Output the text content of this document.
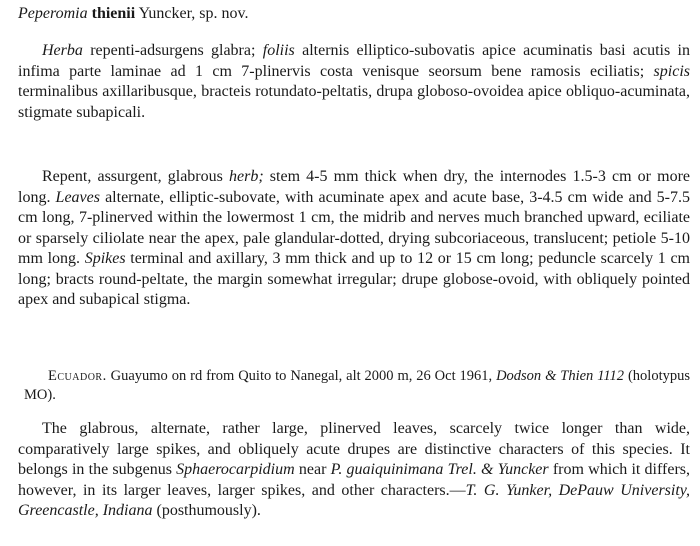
Peperomia thienii Yuncker, sp. nov.
Herba repenti-adsurgens glabra; foliis alternis elliptico-subovatis apice acuminatis basi acutis in infima parte laminae ad 1 cm 7-plinervis costa venisque seorsum bene ramosis eciliatis; spicis terminalibus axillaribusque, bracteis rotundato-peltatis, drupa globoso-ovoidea apice obliquo-acuminata, stigmate subapicali.
Repent, assurgent, glabrous herb; stem 4-5 mm thick when dry, the internodes 1.5-3 cm or more long. Leaves alternate, elliptic-subovate, with acuminate apex and acute base, 3-4.5 cm wide and 5-7.5 cm long, 7-plinerved within the lowermost 1 cm, the midrib and nerves much branched upward, eciliate or sparsely ciliolate near the apex, pale glandular-dotted, drying subcoriaceous, translucent; petiole 5-10 mm long. Spikes terminal and axillary, 3 mm thick and up to 12 or 15 cm long; peduncle scarcely 1 cm long; bracts round-peltate, the margin somewhat irregular; drupe globose-ovoid, with obliquely pointed apex and subapical stigma.
Ecuador. Guayumo on rd from Quito to Nanegal, alt 2000 m, 26 Oct 1961, Dodson & Thien 1112 (holotypus MO).
The glabrous, alternate, rather large, plinerved leaves, scarcely twice longer than wide, comparatively large spikes, and obliquely acute drupes are distinctive characters of this species. It belongs in the subgenus Sphaerocarpidium near P. guaiquinimana Trel. & Yuncker from which it differs, however, in its larger leaves, larger spikes, and other characters.—T. G. Yunker, DePauw University, Greencastle, Indiana (posthumously).
